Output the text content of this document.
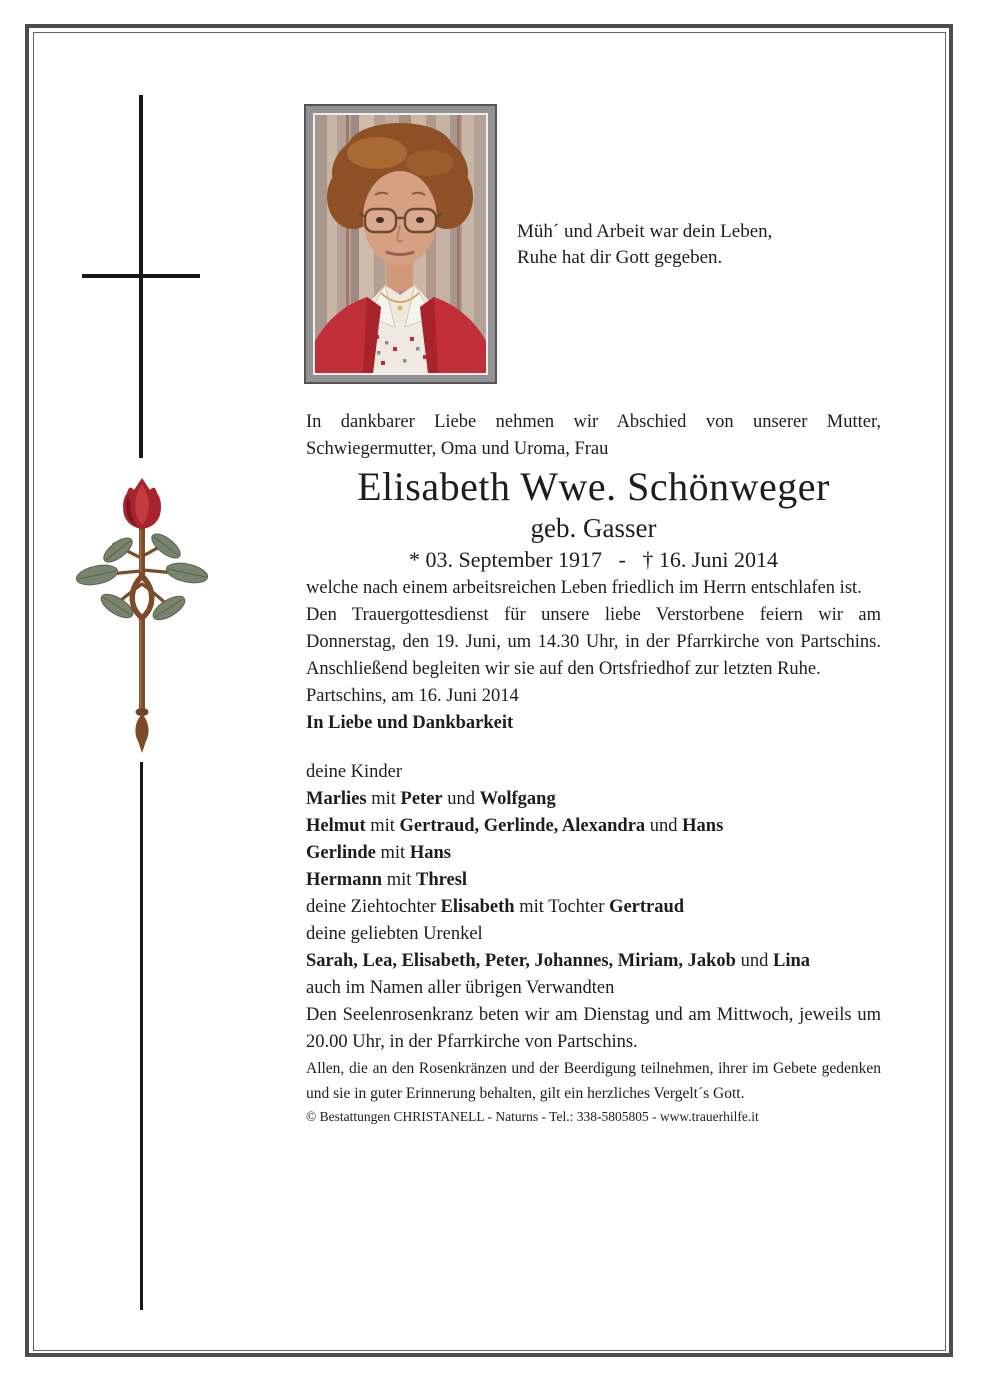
Müh´ und Arbeit war dein Leben,
Ruhe hat dir Gott gegeben.

In dankbarer Liebe nehmen wir Abschied von unserer Mutter, Schwiegermutter, Oma und Uroma, Frau

Elisabeth Wwe. Schönweger

geb. Gasser

* 03. September 1917   -   † 16. Juni 2014

welche nach einem arbeitsreichen Leben friedlich im Herrn entschlafen ist.

Den Trauergottesdienst für unsere liebe Verstorbene feiern wir am Donnerstag, den 19. Juni, um 14.30 Uhr, in der Pfarrkirche von Partschins. Anschließend begleiten wir sie auf den Ortsfriedhof zur letzten Ruhe.

Partschins, am 16. Juni 2014

In Liebe und Dankbarkeit

deine Kinder
Marlies mit Peter und Wolfgang
Helmut mit Gertraud, Gerlinde, Alexandra und Hans
Gerlinde mit Hans
Hermann mit Thresl
deine Ziehtochter Elisabeth mit Tochter Gertraud
deine geliebten Urenkel
Sarah, Lea, Elisabeth, Peter, Johannes, Miriam, Jakob und Lina
auch im Namen aller übrigen Verwandten

Den Seelenrosenkranz beten wir am Dienstag und am Mittwoch, jeweils um 20.00 Uhr, in der Pfarrkirche von Partschins.

Allen, die an den Rosenkränzen und der Beerdigung teilnehmen, ihrer im Gebete gedenken und sie in guter Erinnerung behalten, gilt ein herzliches Vergelt´s Gott.

© Bestattungen CHRISTANELL - Naturns - Tel.: 338-5805805 - www.trauerhilfe.it
